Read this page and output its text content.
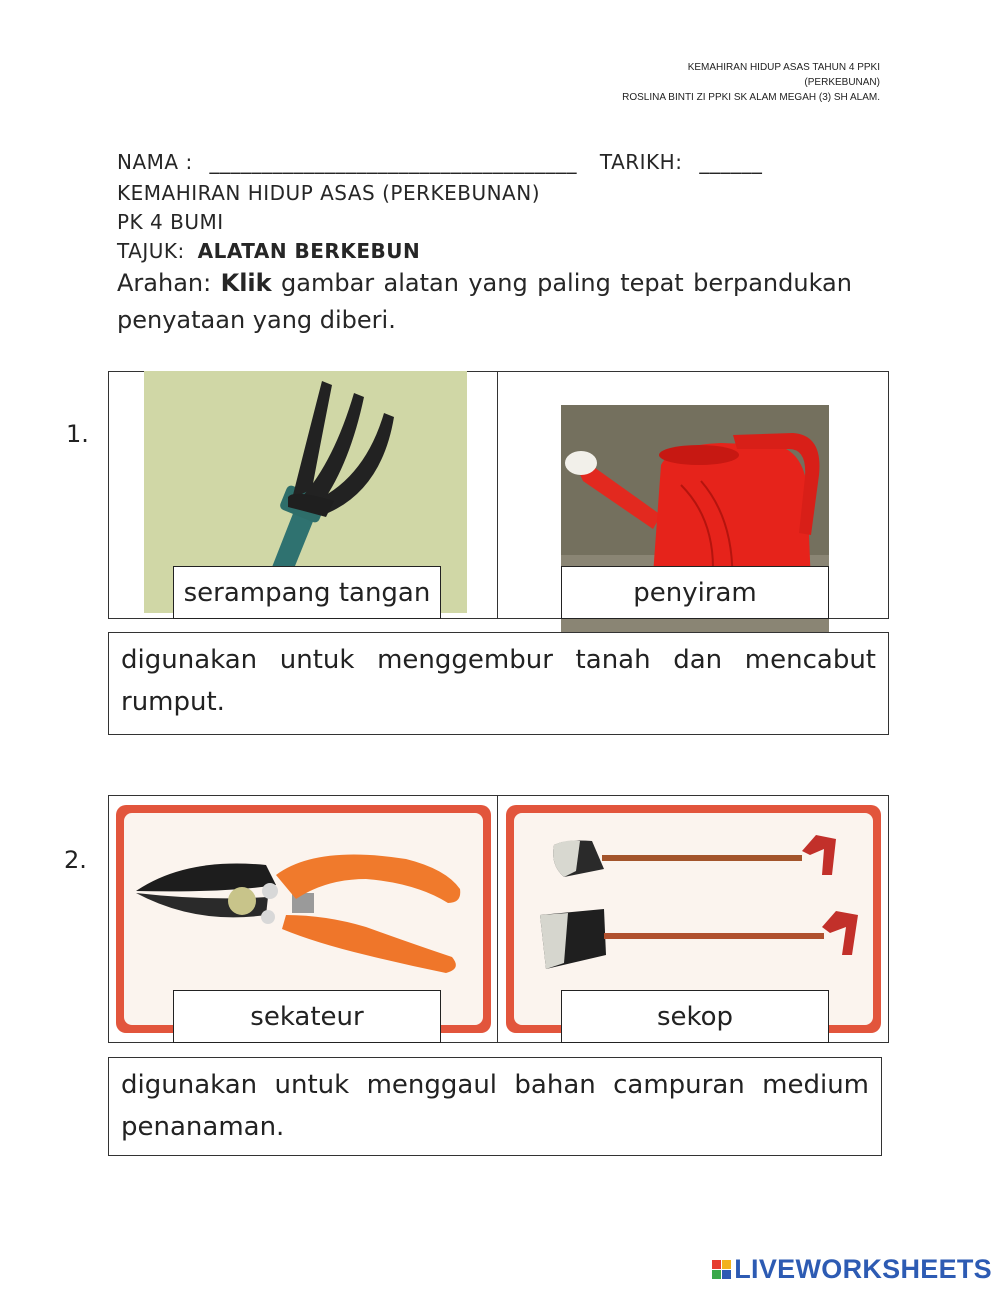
KEMAHIRAN HIDUP ASAS TAHUN 4 PPKI
(PERKEBUNAN)
ROSLINA BINTI ZI PPKI SK ALAM MEGAH (3) SH ALAM.
NAMA : ___________________________________ TARIKH: ______
KEMAHIRAN HIDUP ASAS (PERKEBUNAN)
PK 4 BUMI
TAJUK: ALATAN BERKEBUN
Arahan: Klik gambar alatan yang paling tepat berpandukan penyataan yang diberi.
1.
serampang tangan	penyiram
digunakan untuk menggembur tanah dan mencabut rumput.
2.
sekateur	sekop
digunakan untuk menggaul bahan campuran medium penanaman.
LIVEWORKSHEETS
